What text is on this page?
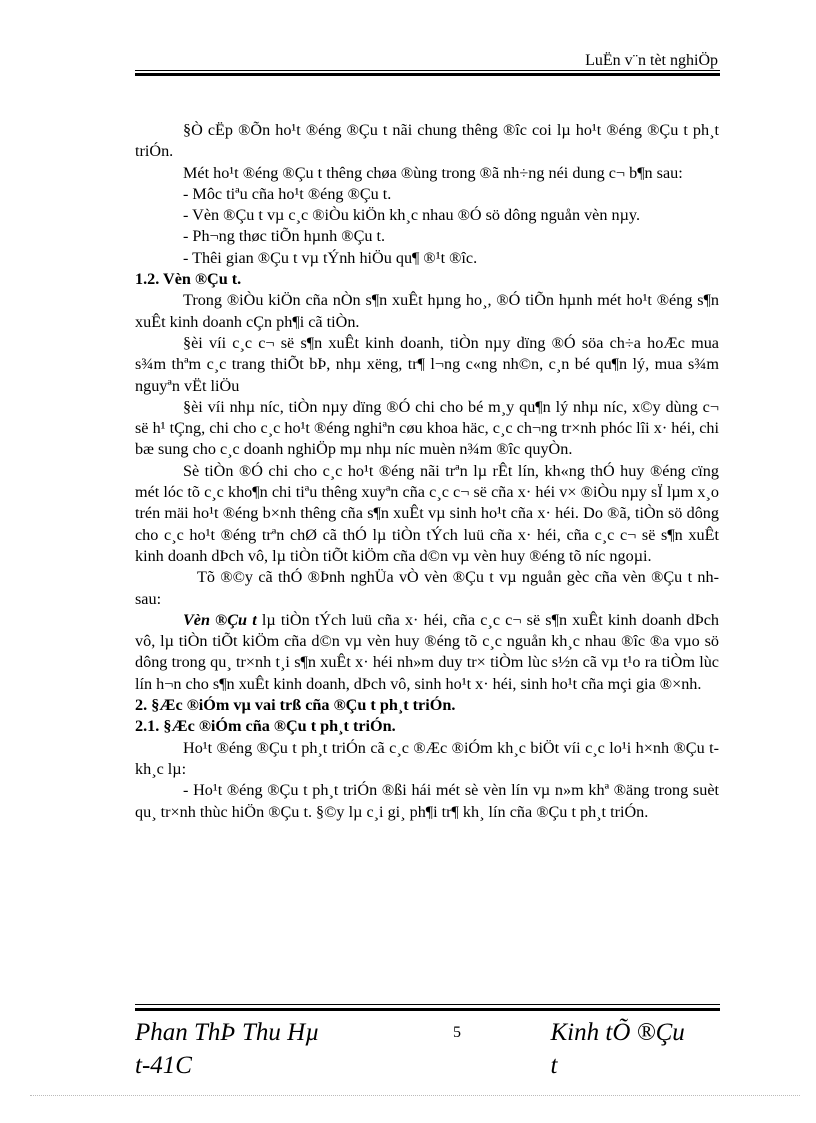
LuËn v¨n tèt nghiÖp

§Ò cËp ®Õn ho¹t ®éng ®Çu t nãi chung thêng ®îc coi lµ ho¹t ®éng ®Çu t ph¸t triÓn.

Mét ho¹t ®éng ®Çu t thêng chøa ®ùng trong ®ã nh÷ng néi dung c¬ b¶n sau:

- Môc tiªu cña ho¹t ®éng ®Çu t.

- Vèn ®Çu t vµ c¸c ®iÒu kiÖn kh¸c nhau ®Ó sö dông nguån vèn nµy.

- Ph¬ng thøc tiÕn hµnh ®Çu t.

- Thêi gian ®Çu t vµ tÝnh hiÖu qu¶ ®¹t ®îc.

1.2. Vèn ®Çu t.

Trong ®iÒu kiÖn cña nÒn s¶n xuÊt hµng ho¸, ®Ó tiÕn hµnh mét ho¹t ®éng s¶n xuÊt kinh doanh cÇn ph¶i cã tiÒn.

§èi víi c¸c c¬ së s¶n xuÊt kinh doanh, tiÒn nµy dïng ®Ó söa ch÷a hoÆc mua s¾m thªm c¸c trang thiÕt bÞ, nhµ xëng, tr¶ l¬ng c«ng nh©n, c¸n bé qu¶n lý, mua s¾m nguyªn vËt liÖu

§èi víi nhµ níc, tiÒn nµy dïng ®Ó chi cho bé m¸y qu¶n lý nhµ níc, x©y dùng c¬ së h¹ tÇng, chi cho c¸c ho¹t ®éng nghiªn cøu khoa häc, c¸c ch¬ng tr×nh phóc lîi x· héi, chi bæ sung cho c¸c doanh nghiÖp mµ nhµ níc muèn n¾m ®îc quyÒn.

Sè tiÒn ®Ó chi cho c¸c ho¹t ®éng nãi trªn lµ rÊt lín, kh«ng thÓ huy ®éng cïng mét lóc tõ c¸c kho¶n chi tiªu thêng xuyªn cña c¸c c¬ së cña x· héi v× ®iÒu nµy sÏ lµm x¸o trén mäi ho¹t ®éng b×nh thêng cña s¶n xuÊt vµ sinh ho¹t cña x· héi. Do ®ã, tiÒn sö dông cho c¸c ho¹t ®éng trªn chØ cã thÓ lµ tiÒn tÝch luü cña x· héi, cña c¸c c¬ së s¶n xuÊt kinh doanh dÞch vô, lµ tiÒn tiÕt kiÖm cña d©n vµ vèn huy ®éng tõ níc ngoµi.

Tõ ®©y cã thÓ ®Þnh nghÜa vÒ vèn ®Çu t vµ nguån gèc cña vèn ®Çu t nh sau:

Vèn ®Çu t lµ tiÒn tÝch luü cña x· héi, cña c¸c c¬ së s¶n xuÊt kinh doanh dÞch vô, lµ tiÒn tiÕt kiÖm cña d©n vµ vèn huy ®éng tõ c¸c nguån kh¸c nhau ®îc ®a vµo sö dông trong qu¸ tr×nh t¸i s¶n xuÊt x· héi nh»m duy tr× tiÒm lùc s½n cã vµ t¹o ra tiÒm lùc lín h¬n cho s¶n xuÊt kinh doanh, dÞch vô, sinh ho¹t x· héi, sinh ho¹t cña mçi gia ®×nh.

2. §Æc ®iÓm vµ vai trß cña ®Çu t ph¸t triÓn.

2.1. §Æc ®iÓm cña ®Çu t ph¸t triÓn.

Ho¹t ®éng ®Çu t ph¸t triÓn cã c¸c ®Æc ®iÓm kh¸c biÖt víi c¸c lo¹i h×nh ®Çu t kh¸c lµ:

- Ho¹t ®éng ®Çu t ph¸t triÓn ®ßi hái mét sè vèn lín vµ n»m khª ®äng trong suèt qu¸ tr×nh thùc hiÖn ®Çu t. §©y lµ c¸i gi¸ ph¶i tr¶ kh¸ lín cña ®Çu t ph¸t triÓn.

Phan ThÞ Thu Hµ
t-41C
5	Kinh tÕ ®Çu t
